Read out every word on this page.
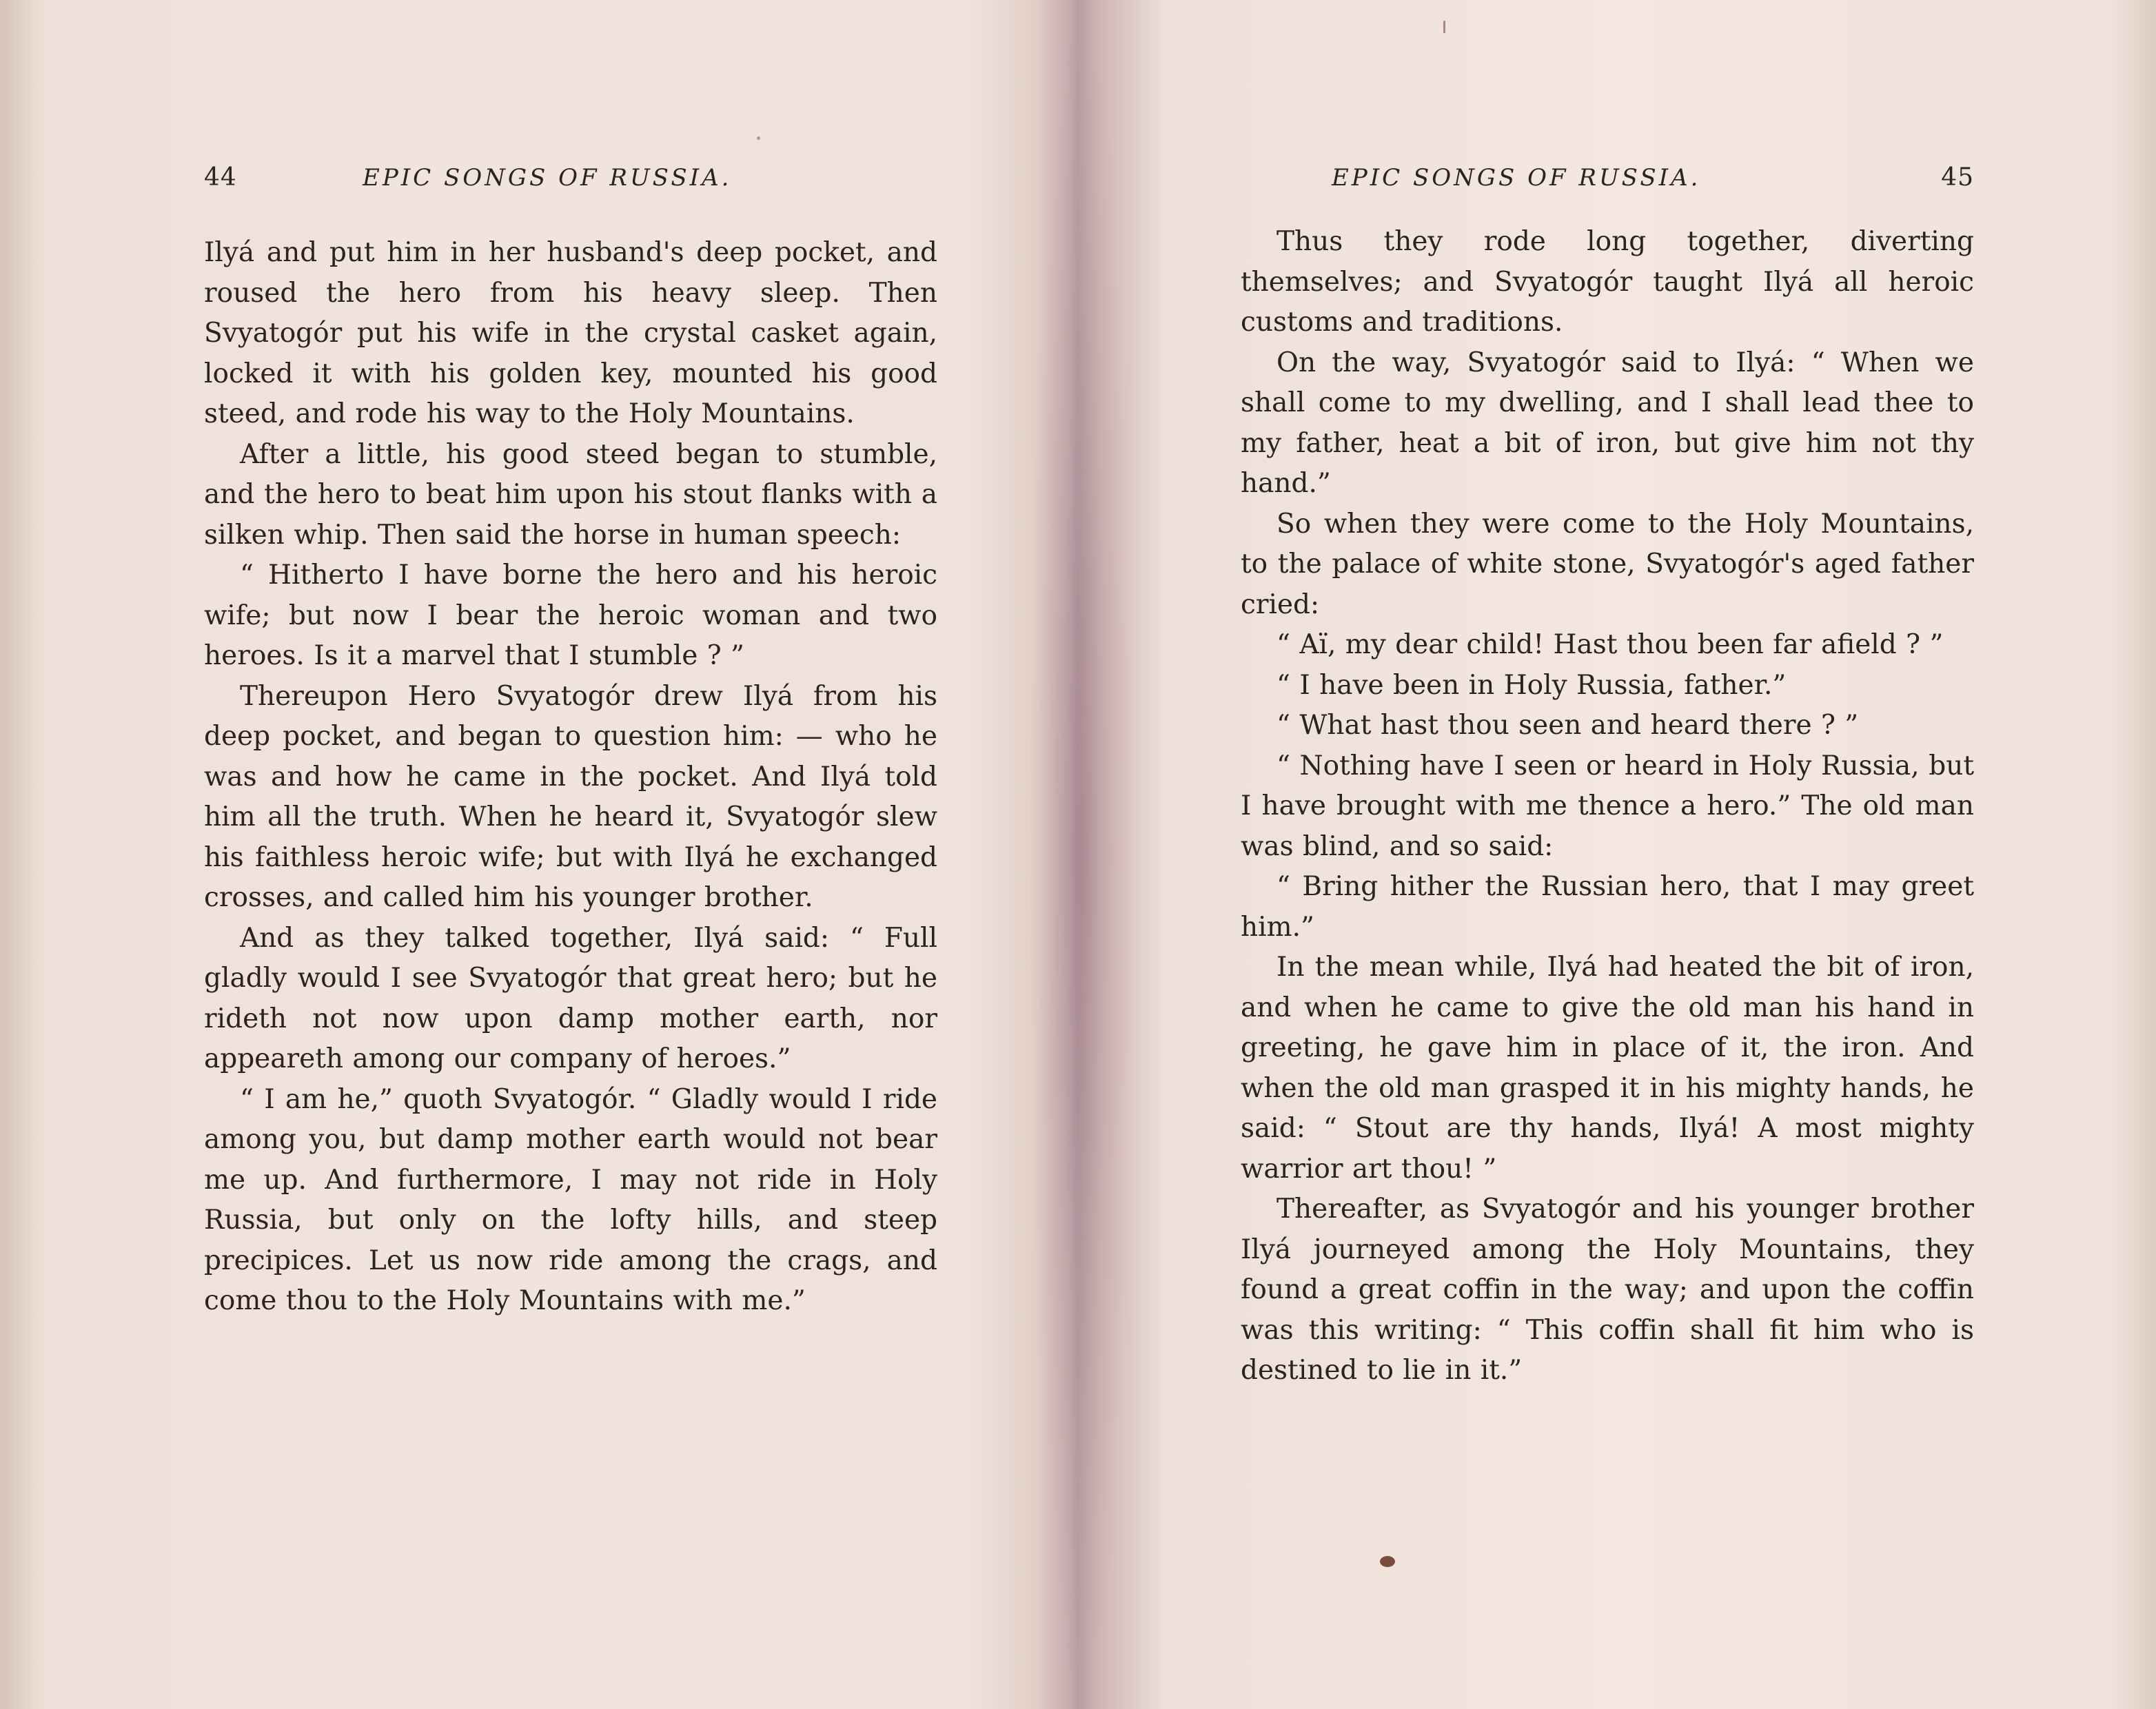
44	EPIC SONGS OF RUSSIA.

Ilyá and put him in her husband's deep pocket, and roused the hero from his heavy sleep. Then Svyatogór put his wife in the crystal casket again, locked it with his golden key, mounted his good steed, and rode his way to the Holy Mountains.

After a little, his good steed began to stumble, and the hero to beat him upon his stout flanks with a silken whip. Then said the horse in human speech:

“ Hitherto I have borne the hero and his heroic wife; but now I bear the heroic woman and two heroes. Is it a marvel that I stumble ? ”

Thereupon Hero Svyatogór drew Ilyá from his deep pocket, and began to question him: — who he was and how he came in the pocket. And Ilyá told him all the truth. When he heard it, Svyatogór slew his faithless heroic wife; but with Ilyá he exchanged crosses, and called him his younger brother.

And as they talked together, Ilyá said: “ Full gladly would I see Svyatogór that great hero; but he rideth not now upon damp mother earth, nor appeareth among our company of heroes.”

“ I am he,” quoth Svyatogór. “ Gladly would I ride among you, but damp mother earth would not bear me up. And furthermore, I may not ride in Holy Russia, but only on the lofty hills, and steep precipices. Let us now ride among the crags, and come thou to the Holy Mountains with me.”

EPIC SONGS OF RUSSIA.	45

Thus they rode long together, diverting themselves; and Svyatogór taught Ilyá all heroic customs and traditions.

On the way, Svyatogór said to Ilyá: “ When we shall come to my dwelling, and I shall lead thee to my father, heat a bit of iron, but give him not thy hand.”

So when they were come to the Holy Mountains, to the palace of white stone, Svyatogór's aged father cried:

“ Aï, my dear child! Hast thou been far afield ? ”

“ I have been in Holy Russia, father.”

“ What hast thou seen and heard there ? ”

“ Nothing have I seen or heard in Holy Russia, but I have brought with me thence a hero.” The old man was blind, and so said:

“ Bring hither the Russian hero, that I may greet him.”

In the mean while, Ilyá had heated the bit of iron, and when he came to give the old man his hand in greeting, he gave him in place of it, the iron. And when the old man grasped it in his mighty hands, he said: “ Stout are thy hands, Ilyá! A most mighty warrior art thou! ”

Thereafter, as Svyatogór and his younger brother Ilyá journeyed among the Holy Mountains, they found a great coffin in the way; and upon the coffin was this writing: “ This coffin shall fit him who is destined to lie in it.”
